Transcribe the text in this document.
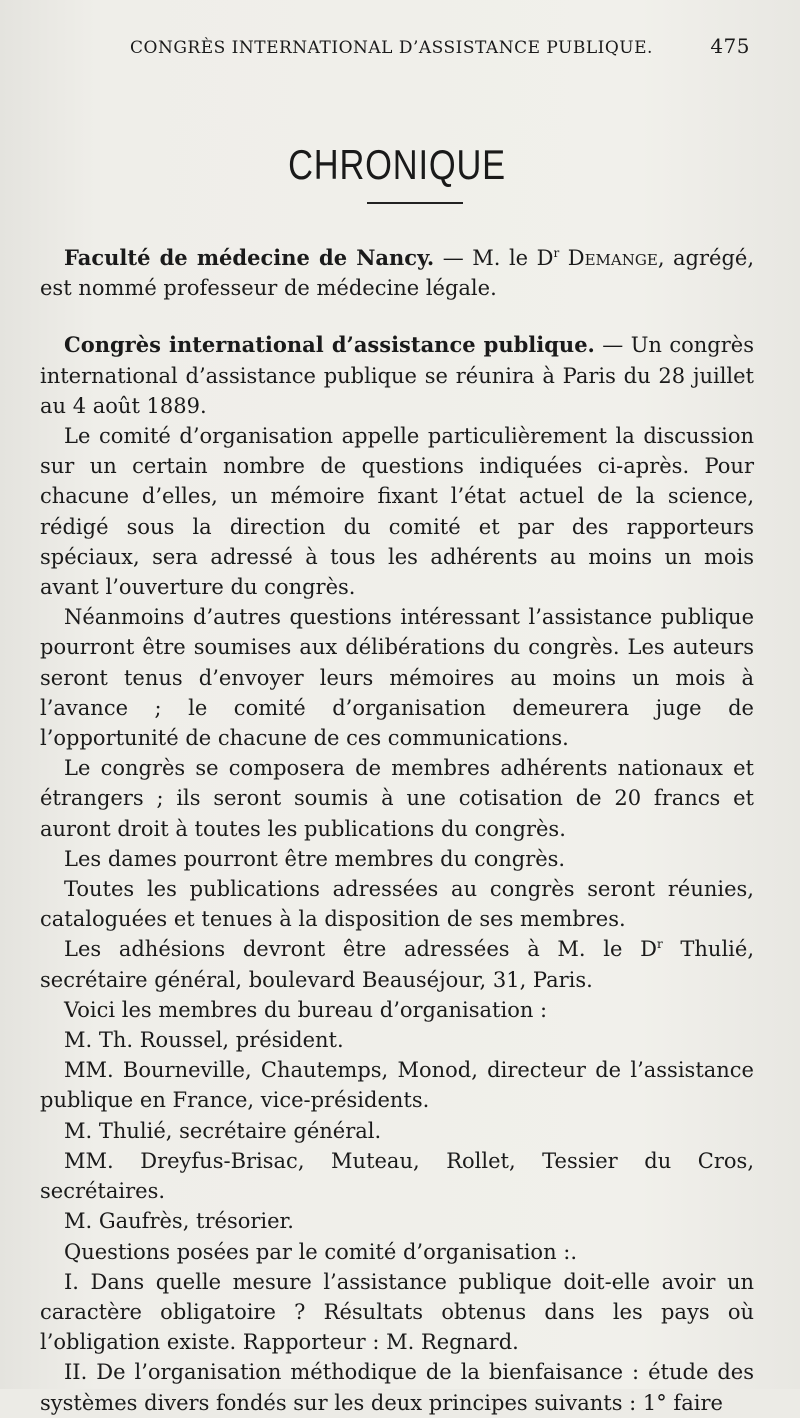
CONGRÈS INTERNATIONAL D’ASSISTANCE PUBLIQUE.	475
CHRONIQUE

Faculté de médecine de Nancy. — M. le $D^r$ Demange, agrégé, est nommé professeur de médecine légale.

Congrès international d’assistance publique. — Un congrès international d’assistance publique se réunira à Paris du 28 juillet au 4 août 1889.

Le comité d’organisation appelle particulièrement la discussion sur un certain nombre de questions indiquées ci-après. Pour chacune d’elles, un mémoire fixant l’état actuel de la science, rédigé sous la direction du comité et par des rapporteurs spéciaux, sera adressé à tous les adhérents au moins un mois avant l’ouverture du congrès.

Néanmoins d’autres questions intéressant l’assistance publique pourront être soumises aux délibérations du congrès. Les auteurs seront tenus d’envoyer leurs mémoires au moins un mois à l’avance ; le comité d’organisation demeurera juge de l’opportunité de chacune de ces communications.

Le congrès se composera de membres adhérents nationaux et étrangers ; ils seront soumis à une cotisation de 20 francs et auront droit à toutes les publications du congrès.

Les dames pourront être membres du congrès.

Toutes les publications adressées au congrès seront réunies, cataloguées et tenues à la disposition de ses membres.

Les adhésions devront être adressées à M. le $D^r$ Thulié, secrétaire général, boulevard Beauséjour, 31, Paris.

Voici les membres du bureau d’organisation :

M. Th. Roussel, président.

MM. Bourneville, Chautemps, Monod, directeur de l’assistance publique en France, vice-présidents.

M. Thulié, secrétaire général.

MM. Dreyfus-Brisac, Muteau, Rollet, Tessier du Cros, secrétaires.

M. Gaufrès, trésorier.

Questions posées par le comité d’organisation :.

I. Dans quelle mesure l’assistance publique doit-elle avoir un caractère obligatoire ? Résultats obtenus dans les pays où l’obligation existe. Rapporteur : M. Regnard.

II. De l’organisation méthodique de la bienfaisance : étude des systèmes divers fondés sur les deux principes suivants : 1° faire
